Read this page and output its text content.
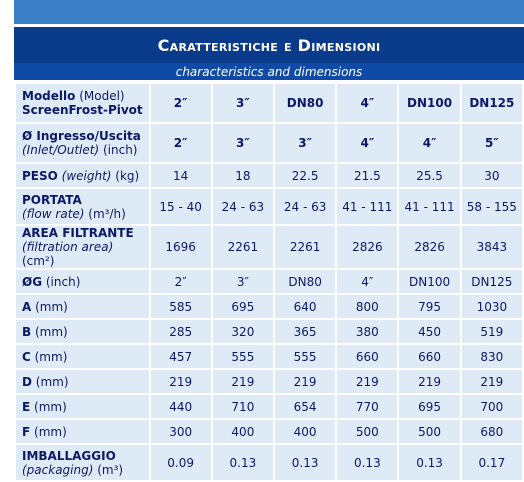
Caratteristiche e Dimensioni
characteristics and dimensions
Modello (Model)
ScreenFrost-Pivot	2″	3″	DN80	4″	DN100	DN125

Ø Ingresso/Uscita
(Inlet/Outlet) (inch)	2″	3″	3″	4″	4″	5″

PESO (weight) (kg)	14	18	22.5	21.5	25.5	30

PORTATA
(flow rate) (m³/h)	15 - 40	24 - 63	24 - 63	41 - 111	41 - 111	58 - 155

AREA FILTRANTE
(filtration area) (cm²)	1696	2261	2261	2826	2826	3843

ØG (inch)	2″	3″	DN80	4″	DN100	DN125

A (mm)	585	695	640	800	795	1030

B (mm)	285	320	365	380	450	519

C (mm)	457	555	555	660	660	830

D (mm)	219	219	219	219	219	219

E (mm)	440	710	654	770	695	700

F (mm)	300	400	400	500	500	680

IMBALLAGGIO
(packaging) (m³)	0.09	0.13	0.13	0.13	0.13	0.17
